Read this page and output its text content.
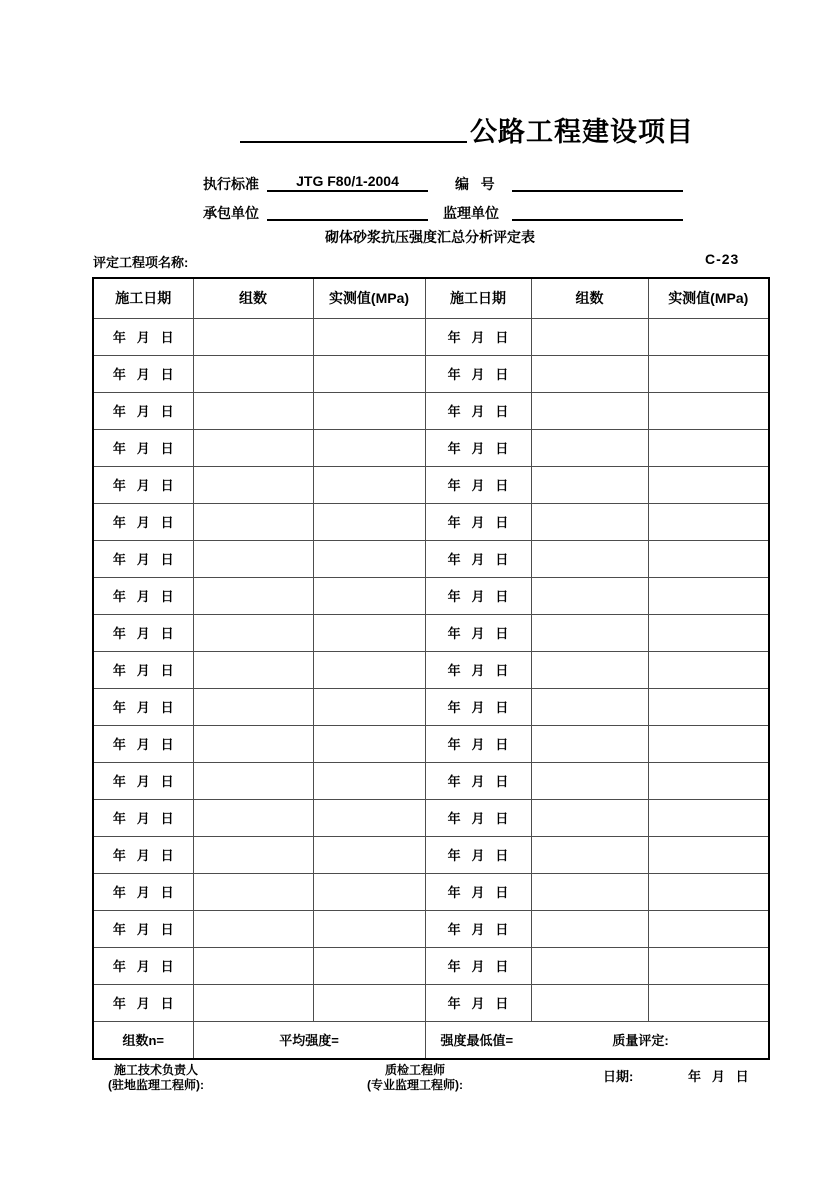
公路工程建设项目
执行标准	JTG F80/1-2004	编   号
承包单位	监理单位
砌体砂浆抗压强度汇总分析评定表
评定工程项名称:	C-23
施工日期	组数	实测值(MPa)	施工日期	组数	实测值(MPa)
年   月   日			年   月   日		
年   月   日			年   月   日		
年   月   日			年   月   日		
年   月   日			年   月   日		
年   月   日			年   月   日		
年   月   日			年   月   日		
年   月   日			年   月   日		
年   月   日			年   月   日		
年   月   日			年   月   日		
年   月   日			年   月   日		
年   月   日			年   月   日		
年   月   日			年   月   日		
年   月   日			年   月   日		
年   月   日			年   月   日		
年   月   日			年   月   日		
年   月   日			年   月   日		
年   月   日			年   月   日		
年   月   日			年   月   日		
年   月   日			年   月   日		
组数n=	平均强度=		强度最低值= 质量评定:		
施工技术负责人
(驻地监理工程师):
质检工程师
(专业监理工程师):
日期:	年   月   日
